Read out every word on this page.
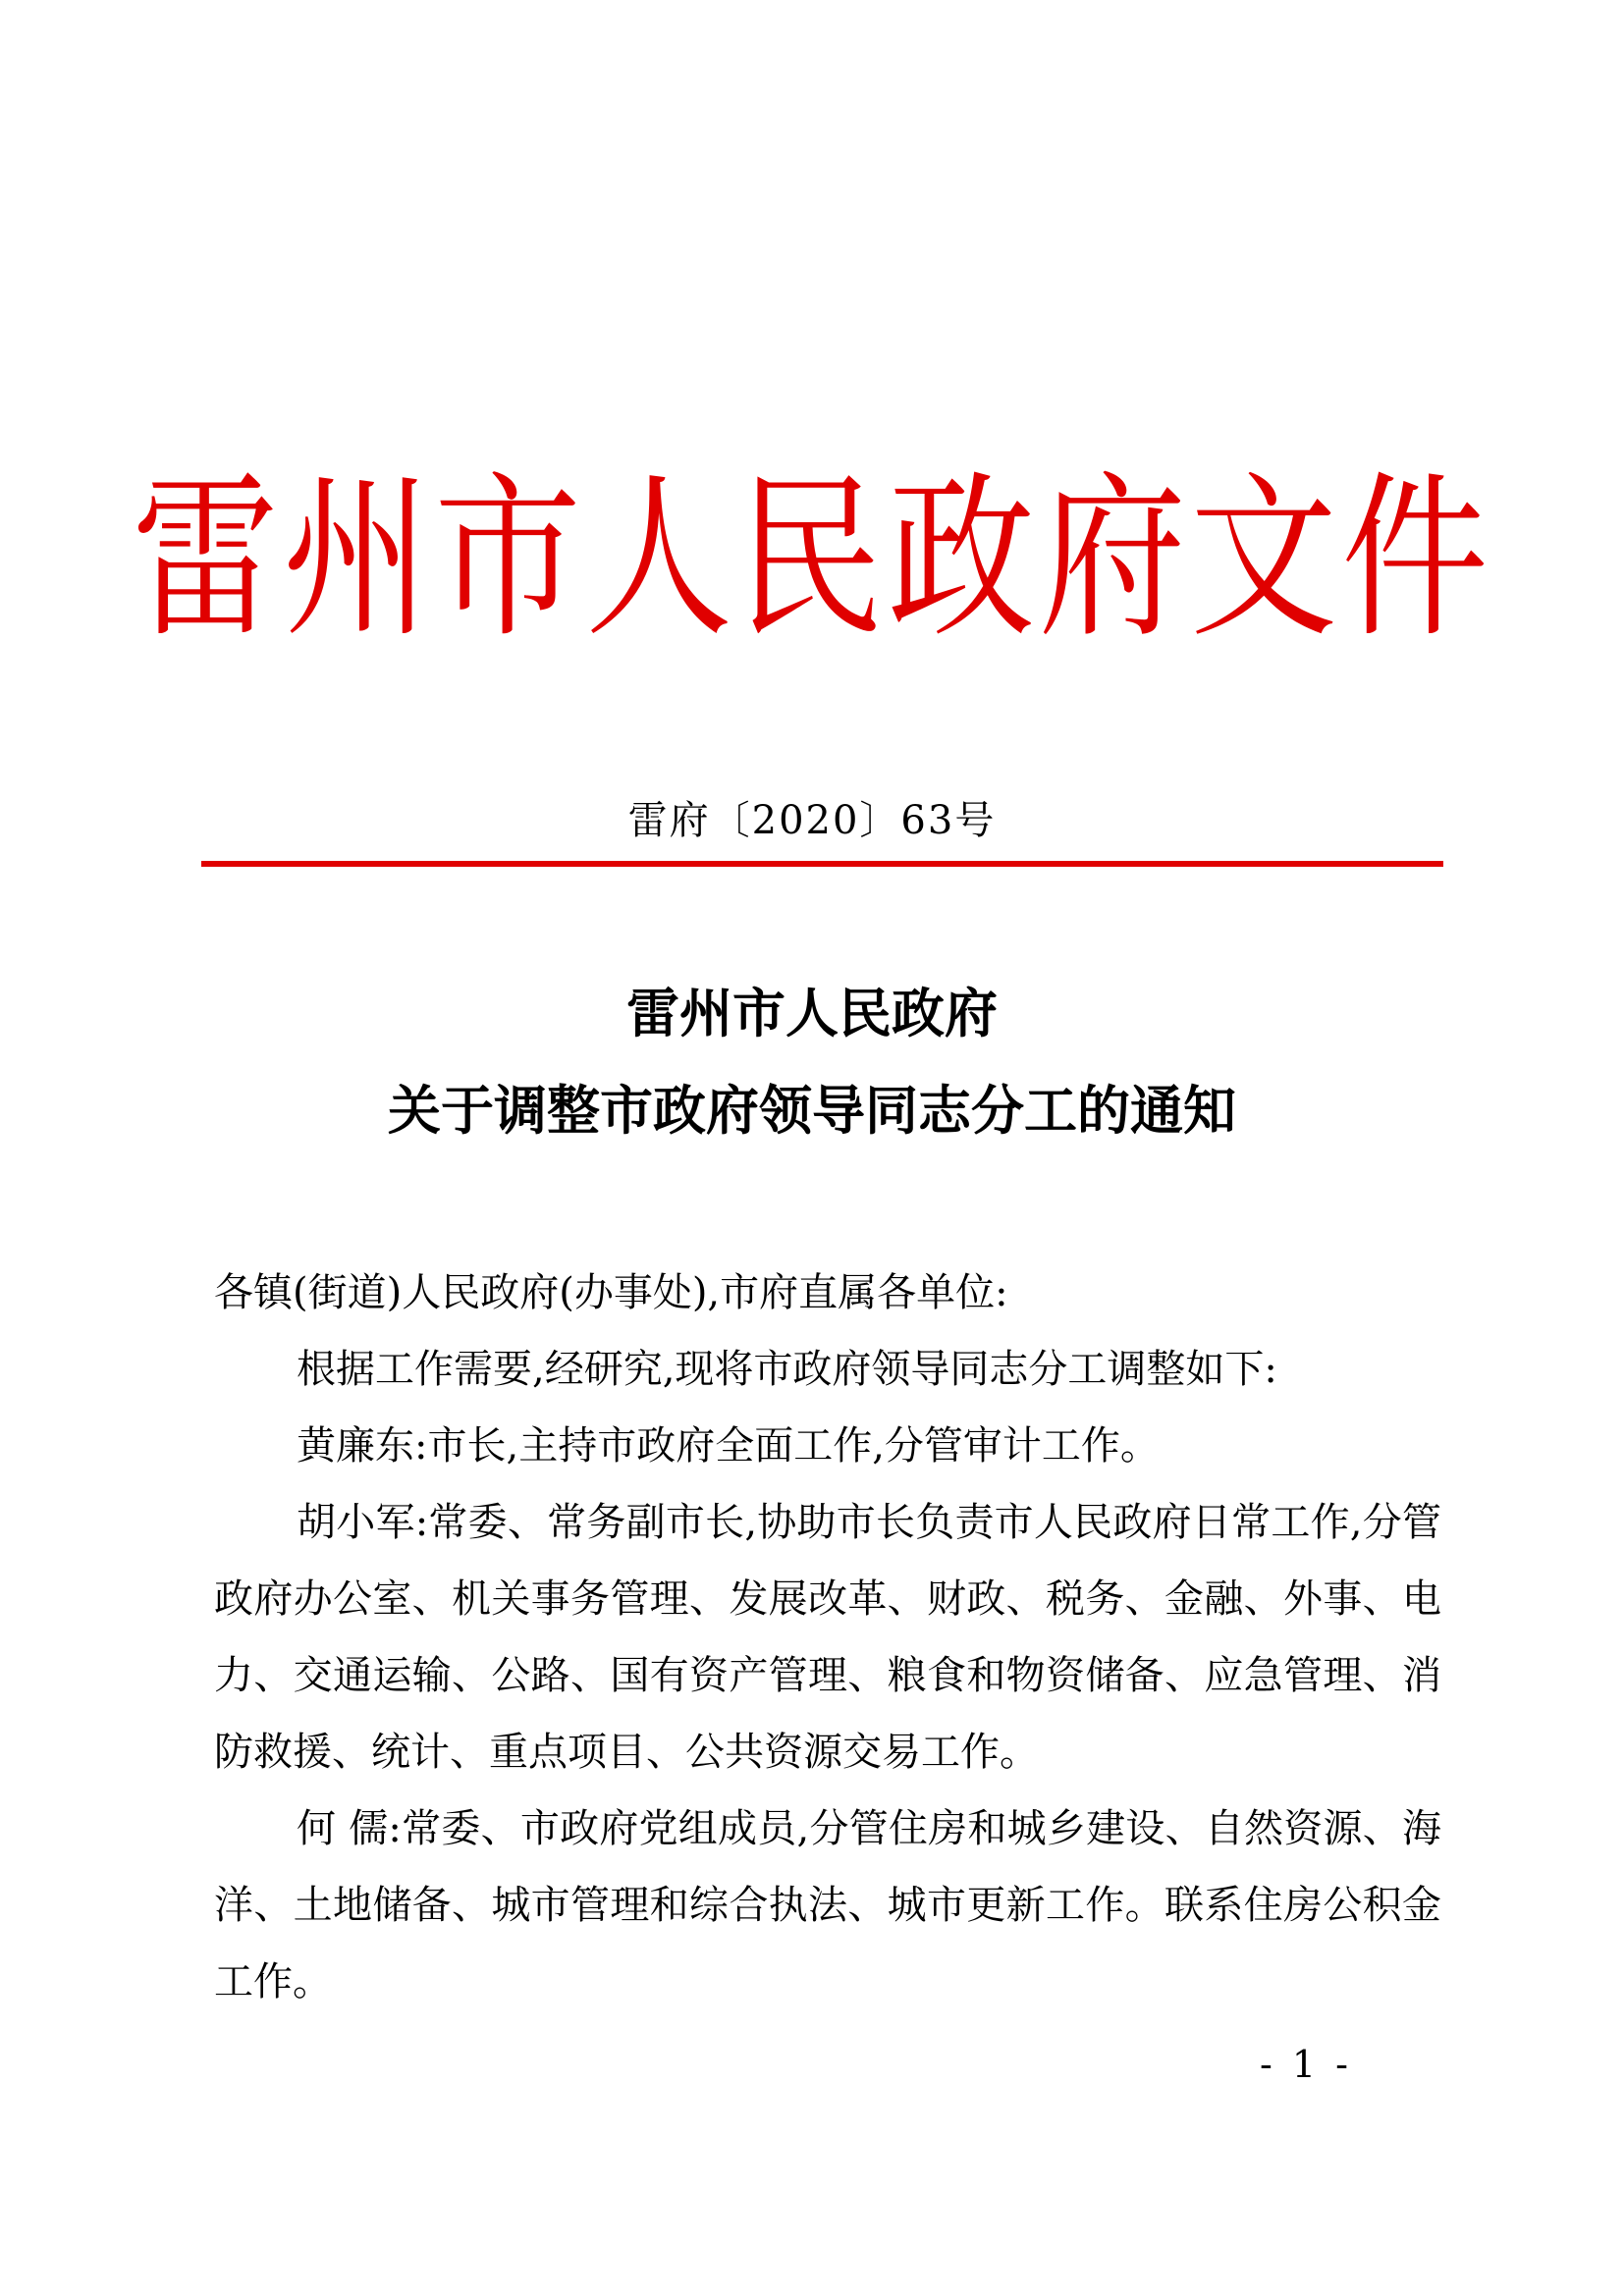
雷州市人民政府文件
雷府〔2020〕63号
雷州市人民政府
关于调整市政府领导同志分工的通知

各镇(街道)人民政府(办事处),市府直属各单位:

根据工作需要,经研究,现将市政府领导同志分工调整如下:

黄廉东:市长,主持市政府全面工作,分管审计工作。

胡小军:常委、常务副市长,协助市长负责市人民政府日常工作,分管政府办公室、机关事务管理、发展改革、财政、税务、金融、外事、电力、交通运输、公路、国有资产管理、粮食和物资储备、应急管理、消防救援、统计、重点项目、公共资源交易工作。

何 儒:常委、市政府党组成员,分管住房和城乡建设、自然资源、海洋、土地储备、城市管理和综合执法、城市更新工作。联系住房公积金工作。

- 1 -
